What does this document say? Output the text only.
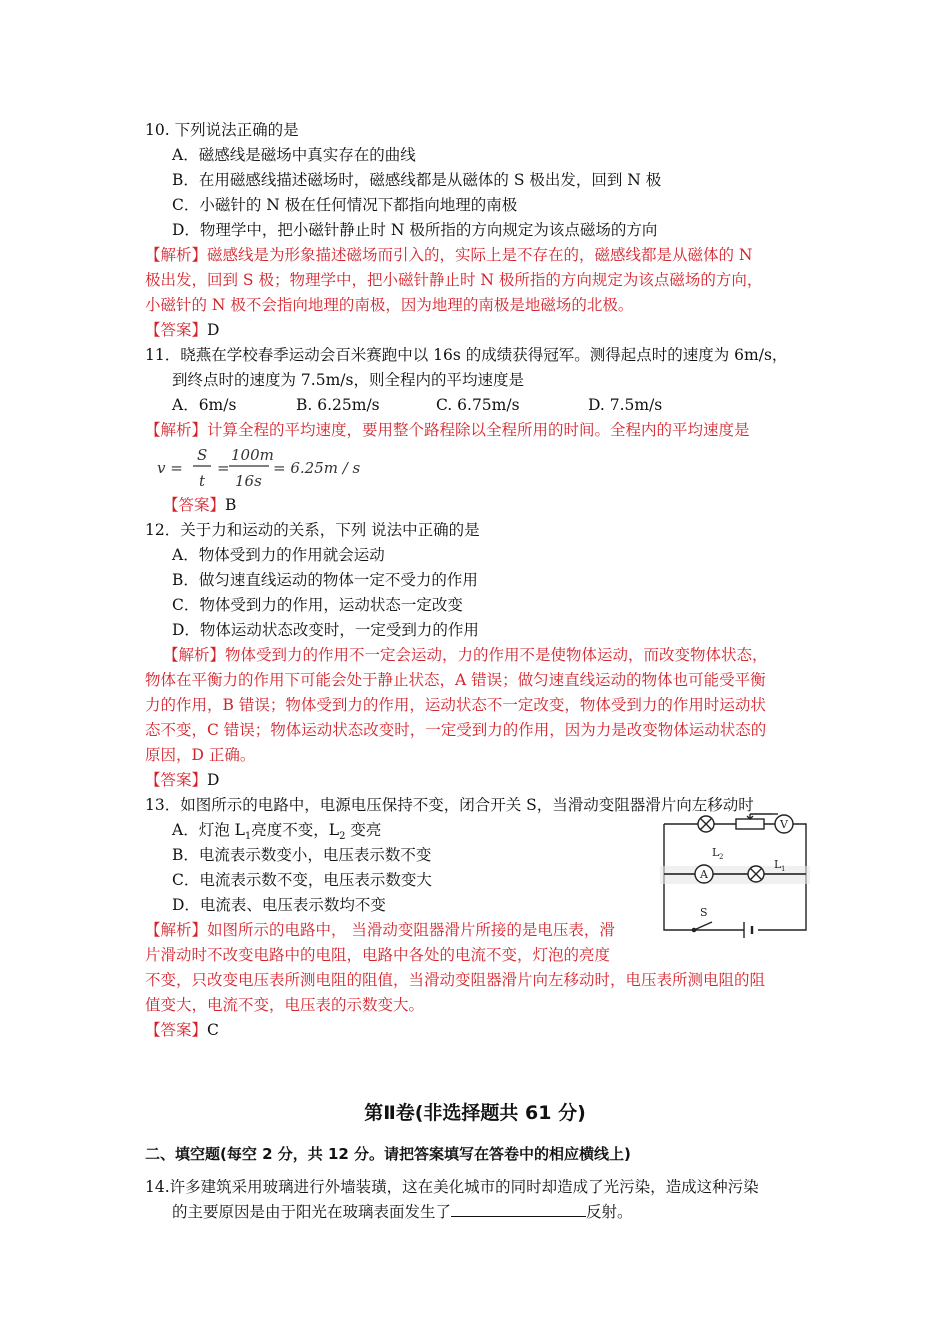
10. 下列说法正确的是
A．磁感线是磁场中真实存在的曲线
B．在用磁感线描述磁场时，磁感线都是从磁体的 S 极出发，回到 N 极
C．小磁针的 N 极在任何情况下都指向地理的南极
D．物理学中，把小磁针静止时 N 极所指的方向规定为该点磁场的方向
【解析】磁感线是为形象描述磁场而引入的，实际上是不存在的，磁感线都是从磁体的 N
极出发，回到 S 极；物理学中，把小磁针静止时 N 极所指的方向规定为该点磁场的方向，
小磁针的 N 极不会指向地理的南极，因为地理的南极是地磁场的北极。
【答案】D
11．晓燕在学校春季运动会百米赛跑中以 16s 的成绩获得冠军。测得起点时的速度为 6m/s，
到终点时的速度为 7.5m/s，则全程内的平均速度是
A．6m/s	B. 6.25m/s	C. 6.75m/s	D. 7.5m/s
【解析】计算全程的平均速度，要用整个路程除以全程所用的时间。全程内的平均速度是
v =
S
t
=
100m
16s
= 6.25m / s
【答案】B
12．关于力和运动的关系，下列 说法中正确的是
A．物体受到力的作用就会运动
B．做匀速直线运动的物体一定不受力的作用
C．物体受到力的作用，运动状态一定改变
D．物体运动状态改变时，一定受到力的作用
【解析】物体受到力的作用不一定会运动，力的作用不是使物体运动，而改变物体状态，
物体在平衡力的作用下可能会处于静止状态，A 错误；做匀速直线运动的物体也可能受平衡
力的作用，B 错误；物体受到力的作用，运动状态不一定改变，物体受到力的作用时运动状
态不变，C 错误；物体运动状态改变时，一定受到力的作用，因为力是改变物体运动状态的
原因，D 正确。
【答案】D
13．如图所示的电路中，电源电压保持不变，闭合开关 S，当滑动变阻器滑片向左移动时
A．灯泡 $L_1$亮度不变，$L_2$ 变亮
B．电流表示数变小，电压表示数不变
C．电流表示数不变，电压表示数变大
D．电流表、电压表示数均不变
【解析】如图所示的电路中， 当滑动变阻器滑片所接的是电压表，滑
片滑动时不改变电路中的电阻，电路中各处的电流不变，灯泡的亮度
不变，只改变电压表所测电阻的阻值，当滑动变阻器滑片向左移动时，电压表所测电阻的阻
值变大，电流不变，电压表的示数变大。
【答案】C
V
L 2
A
L 1
S
第Ⅱ卷(非选择题共 61 分)
二、填空题(每空 2 分，共 12 分。请把答案填写在答卷中的相应横线上)
14.许多建筑采用玻璃进行外墙装璜，这在美化城市的同时却造成了光污染，造成这种污染
的主要原因是由于阳光在玻璃表面发生了	反射。
